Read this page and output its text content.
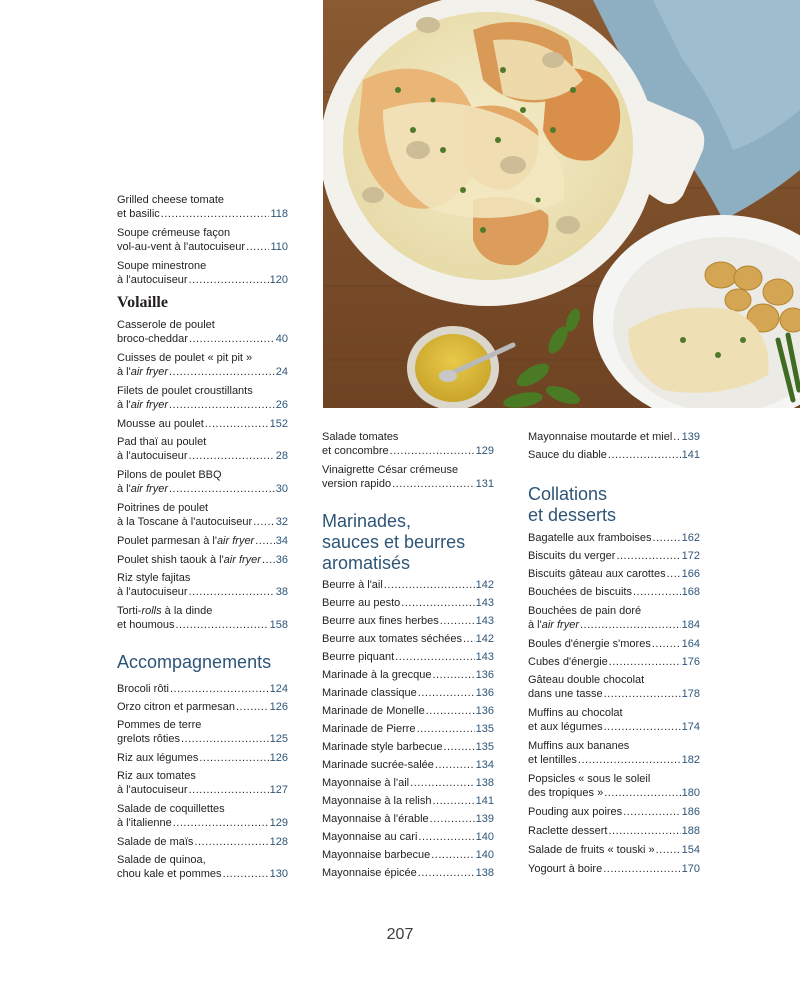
Grilled cheese tomate
et basilic .....	118
Soupe crémeuse façon
vol-au-vent à l'autocuiseur ..... 110
Soupe minestrone
à l'autocuiseur .....	120
Volaille
Casserole de poulet
broco-cheddar .....	40
Cuisses de poulet « pit pit »
à l'air fryer .....	24
Filets de poulet croustillants
à l'air fryer .....	26
Mousse au poulet .....	152
Pad thaï au poulet
à l'autocuiseur .....	28
Pilons de poulet BBQ
à l'air fryer .....	30
Poitrines de poulet
à la Toscane à l'autocuiseur ..... 32
Poulet parmesan à l'air fryer ..... 34
Poulet shish taouk à l'air fryer ..... 36
Riz style fajitas
à l'autocuiseur .....	38
Torti-rolls à la dinde
et houmous .....	158
Accompagnements
Brocoli rôti .....	124
Orzo citron et parmesan .....	126
Pommes de terre
grelots rôties .....	125
Riz aux légumes .....	126
Riz aux tomates
à l'autocuiseur .....	127
Salade de coquillettes
à l'italienne .....	129
Salade de maïs .....	128
Salade de quinoa,
chou kale et pommes .....	130
Salade tomates
et concombre .....	129
Vinaigrette César crémeuse
version rapido .....	131
Marinades,
sauces et beurres
aromatisés
Beurre à l'ail .....	142
Beurre au pesto .....	143
Beurre aux fines herbes .....	143
Beurre aux tomates séchées ..... 142
Beurre piquant .....	143
Marinade à la grecque .....	136
Marinade classique .....	136
Marinade de Monelle .....	136
Marinade de Pierre .....	135
Marinade style barbecue .....	135
Marinade sucrée-salée .....	134
Mayonnaise à l'ail .....	138
Mayonnaise à la relish .....	141
Mayonnaise à l'érable .....	139
Mayonnaise au cari .....	140
Mayonnaise barbecue .....	140
Mayonnaise épicée .....	138
Mayonnaise moutarde et miel ..... 139
Sauce du diable .....	141
Collations
et desserts
Bagatelle aux framboises .....	162
Biscuits du verger .....	172
Biscuits gâteau aux carottes ..... 166
Bouchées de biscuits .....	168
Bouchées de pain doré
à l'air fryer .....	184
Boules d'énergie s'mores .....	164
Cubes d'énergie .....	176
Gâteau double chocolat
dans une tasse .....	178
Muffins au chocolat
et aux légumes .....	174
Muffins aux bananes
et lentilles .....	182
Popsicles « sous le soleil
des tropiques » .....	180
Pouding aux poires .....	186
Raclette dessert .....	188
Salade de fruits « touski » ..... 154
Yogourt à boire .....	170
207
